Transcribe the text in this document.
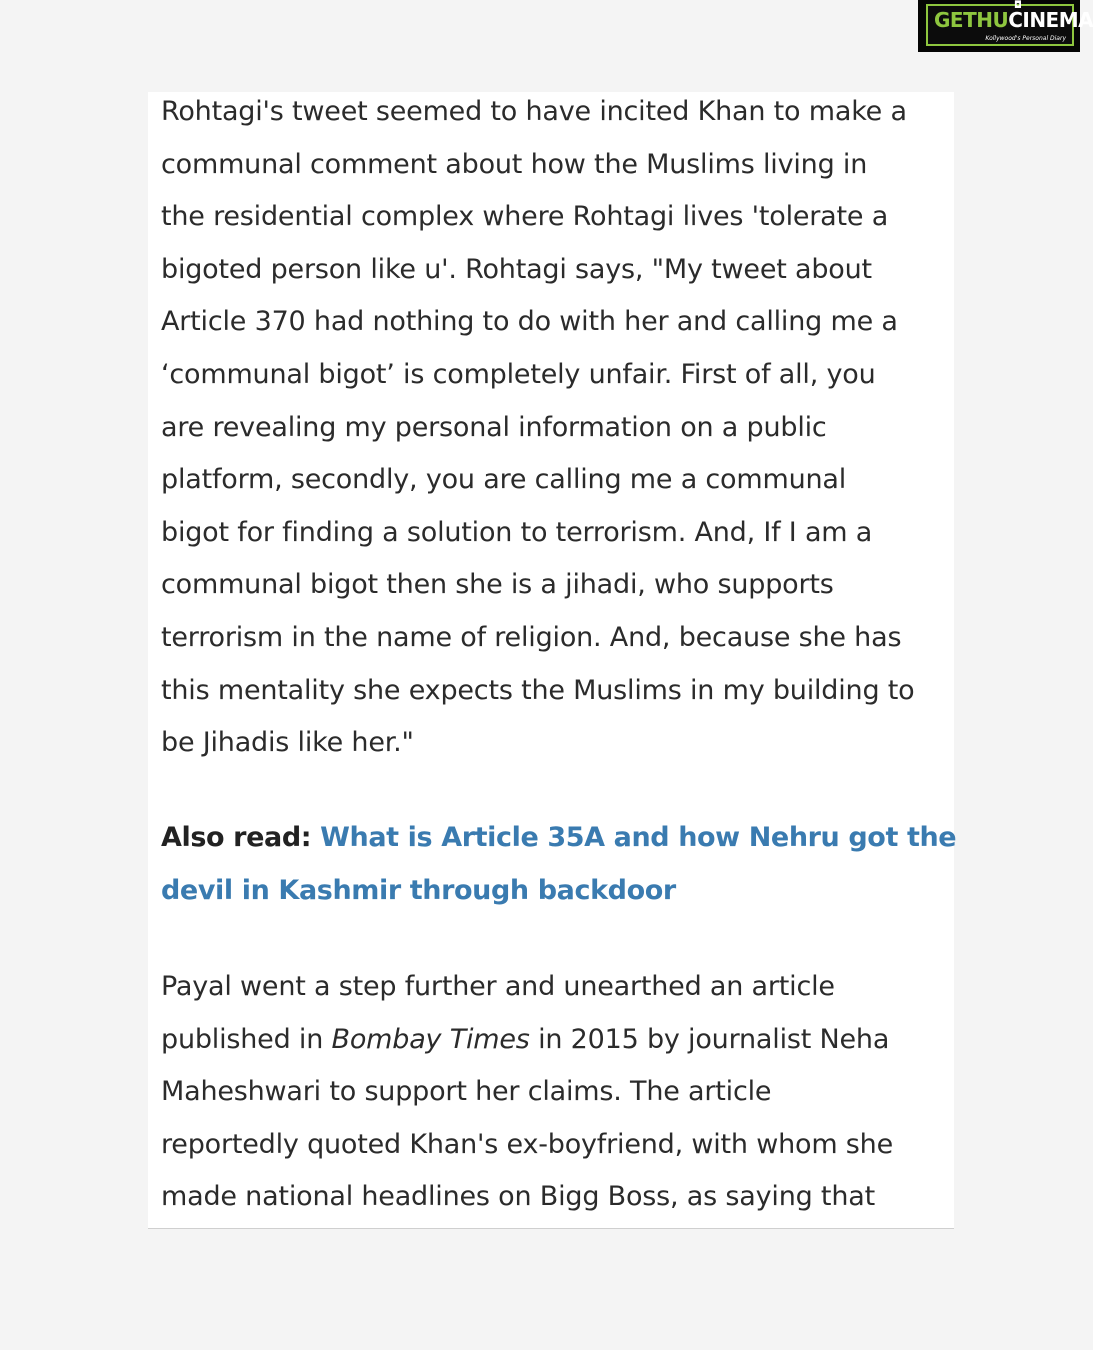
◘
GETHUCINEMA
Kollywood's Personal Diary

Rohtagi's tweet seemed to have incited Khan to make a
communal comment about how the Muslims living in
the residential complex where Rohtagi lives 'tolerate a
bigoted person like u'. Rohtagi says, "My tweet about
Article 370 had nothing to do with her and calling me a
‘communal bigot’ is completely unfair. First of all, you
are revealing my personal information on a public
platform, secondly, you are calling me a communal
bigot for finding a solution to terrorism. And, If I am a
communal bigot then she is a jihadi, who supports
terrorism in the name of religion. And, because she has
this mentality she expects the Muslims in my building to
be Jihadis like her."

Also read: What is Article 35A and how Nehru got the
devil in Kashmir through backdoor

Payal went a step further and unearthed an article
published in Bombay Times in 2015 by journalist Neha
Maheshwari to support her claims. The article
reportedly quoted Khan's ex-boyfriend, with whom she
made national headlines on Bigg Boss, as saying that
